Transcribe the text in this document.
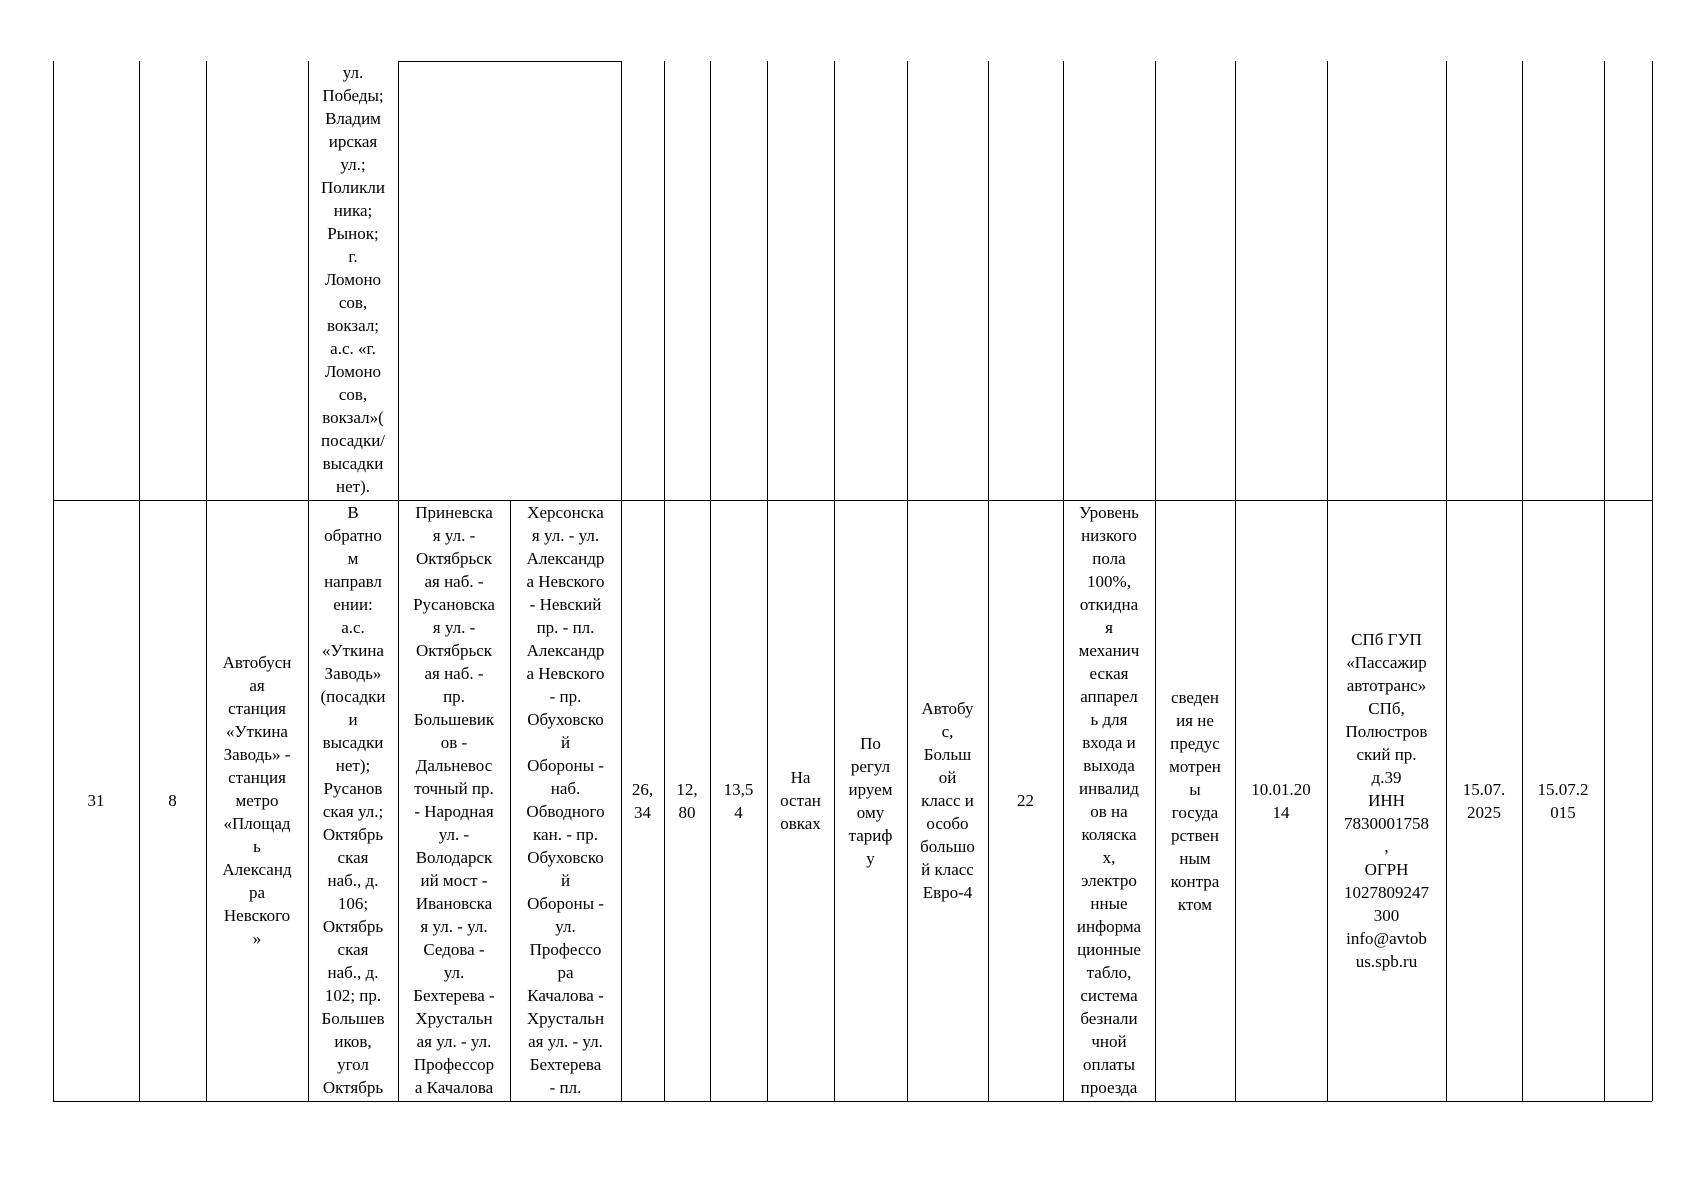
ул.
Победы;
Владим
ирская
ул.;
Поликли
ника;
Рынок;
г.
Ломоно
сов,
вокзал;
а.с. «г.
Ломоно
сов,
вокзал»(
посадки/
высадки
нет).
31	8
Автобусн
ая
станция
«Уткина
Заводь» -
станция
метро
«Площад
ь
Александ
ра
Невского
»
В
обратно
м
направл
ении:
а.с.
«Уткина
Заводь»
(посадки
и
высадки
нет);
Русанов
ская ул.;
Октябрь
ская
наб., д.
106;
Октябрь
ская
наб., д.
102; пр.
Большев
иков,
угол
Октябрь
Приневска
я ул. -
Октябрьск
ая наб. -
Русановска
я ул. -
Октябрьск
ая наб. -
пр.
Большевик
ов -
Дальневос
точный пр.
- Народная
ул. -
Володарск
ий мост -
Ивановска
я ул. - ул.
Седова -
ул.
Бехтерева -
Хрустальн
ая ул. - ул.
Профессор
а Качалова
Херсонска
я ул. - ул.
Александр
а Невского
- Невский
пр. - пл.
Александр
а Невского
- пр.
Обуховско
й
Обороны -
наб.
Обводного
кан. - пр.
Обуховско
й
Обороны -
ул.
Профессо
ра
Качалова -
Хрустальн
ая ул. - ул.
Бехтерева
- пл.
26,
34
12,
80
13,5
4
На
остан
овках
По
регул
ируем
ому
тариф
у
Автобу
с,
Больш
ой
класс и
особо
большо
й класс
Евро-4
22
Уровень
низкого
пола
100%,
откидна
я
механич
еская
аппарел
ь для
входа и
выхода
инвалид
ов на
коляска
х,
электро
нные
информа
ционные
табло,
система
безнали
чной
оплаты
проезда
сведен
ия не
предус
мотрен
ы
госуда
рствен
ным
контра
ктом
10.01.20
14
СПб ГУП
«Пассажир
автотранс»
СПб,
Полюстров
ский пр.
д.39
ИНН
7830001758
,
ОГРН
1027809247
300
info@avtob
us.spb.ru
15.07.
2025
15.07.2
015
